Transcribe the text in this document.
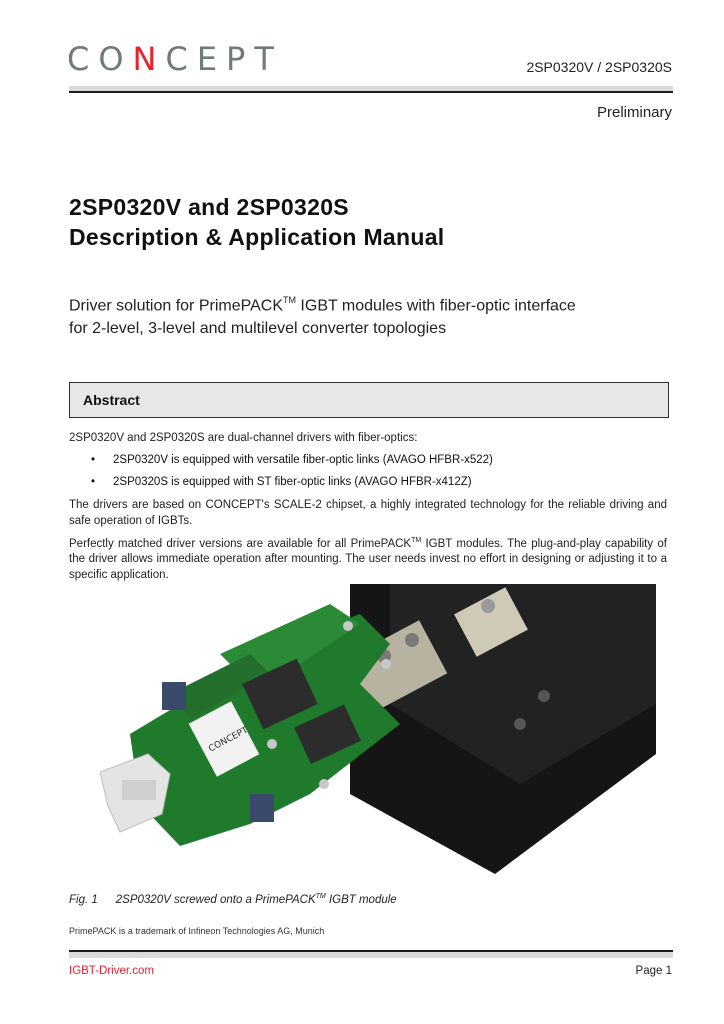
CONCEPT	2SP0320V / 2SP0320S
Preliminary
2SP0320V and 2SP0320S
Description & Application Manual
Driver solution for PrimePACK™ IGBT modules with fiber-optic interface
for 2-level, 3-level and multilevel converter topologies
Abstract
2SP0320V and 2SP0320S are dual-channel drivers with fiber-optics:
• 2SP0320V is equipped with versatile fiber-optic links (AVAGO HFBR-x522)
• 2SP0320S is equipped with ST fiber-optic links (AVAGO HFBR-x412Z)
The drivers are based on CONCEPT's SCALE-2 chipset, a highly integrated technology for the reliable driving and safe operation of IGBTs.
Perfectly matched driver versions are available for all PrimePACK™ IGBT modules. The plug-and-play capability of the driver allows immediate operation after mounting. The user needs invest no effort in designing or adjusting it to a specific application.
CONCEPT
Fig. 1 2SP0320V screwed onto a PrimePACK™ IGBT module
PrimePACK is a trademark of Infineon Technologies AG, Munich
IGBT-Driver.com	Page 1
